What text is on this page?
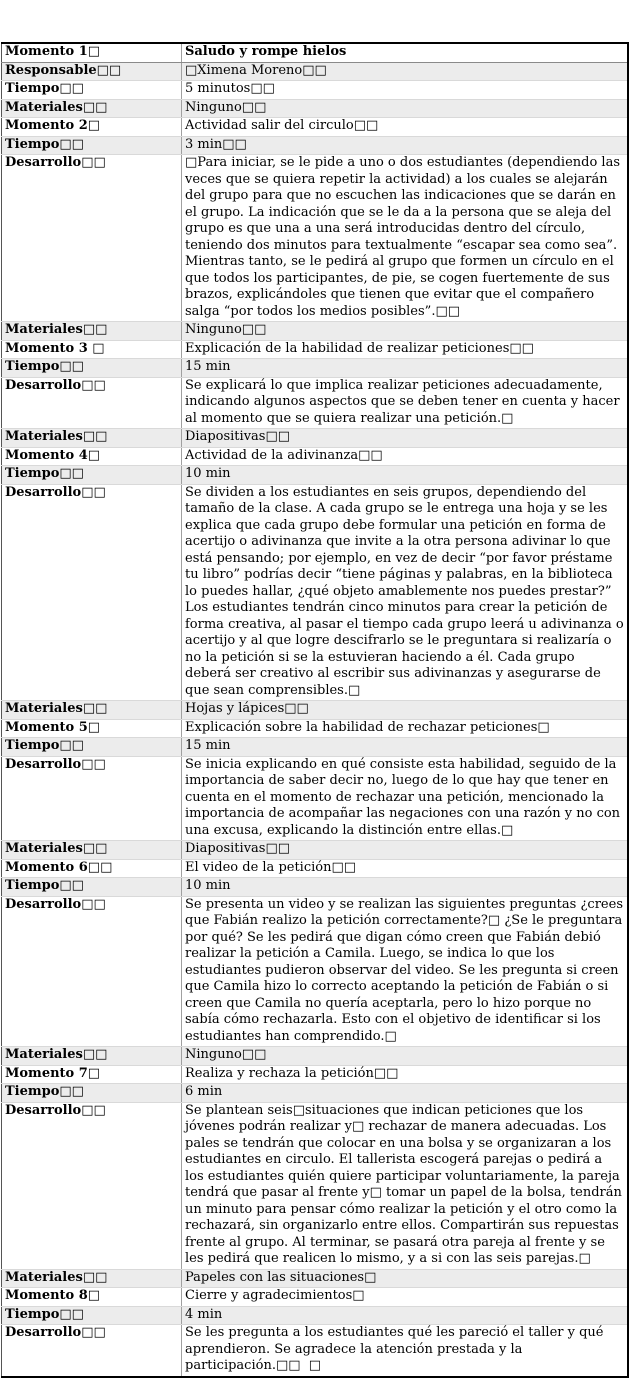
Momento 1□	Saludo y rompe hielos
Responsable□□	□Ximena Moreno□□
Tiempo□□	5 minutos□□
Materiales□□	Ninguno□□
Momento 2□	Actividad salir del circulo□□
Tiempo□□	3 min□□
Desarrollo□□	□Para iniciar, se le pide a uno o dos estudiantes (dependiendo las veces que se quiera repetir la actividad) a los cuales se alejarán del grupo para que no escuchen las indicaciones que se darán en el grupo. La indicación que se le da a la persona que se aleja del grupo es que una a una será introducidas dentro del círculo, teniendo dos minutos para textualmente “escapar sea como sea”. Mientras tanto, se le pedirá al grupo que formen un círculo en el que todos los participantes, de pie, se cogen fuertemente de sus brazos, explicándoles que tienen que evitar que el compañero salga “por todos los medios posibles”.□□
Materiales□□	Ninguno□□
Momento 3 □	Explicación de la habilidad de realizar peticiones□□
Tiempo□□	15 min
Desarrollo□□	Se explicará lo que implica realizar peticiones adecuadamente, indicando algunos aspectos que se deben tener en cuenta y hacer al momento que se quiera realizar una petición.□
Materiales□□	Diapositivas□□
Momento 4□	Actividad de la adivinanza□□
Tiempo□□	10 min
Desarrollo□□	Se dividen a los estudiantes en seis grupos, dependiendo del tamaño de la clase. A cada grupo se le entrega una hoja y se les explica que cada grupo debe formular una petición en forma de acertijo o adivinanza que invite a la otra persona adivinar lo que está pensando; por ejemplo, en vez de decir “por favor préstame tu libro” podrías decir “tiene páginas y palabras, en la biblioteca lo puedes hallar, ¿qué objeto amablemente nos puedes prestar?” Los estudiantes tendrán cinco minutos para crear la petición de forma creativa, al pasar el tiempo cada grupo leerá u adivinanza o acertijo y al que logre descifrarlo se le preguntara si realizaría o no la petición si se la estuvieran haciendo a él. Cada grupo deberá ser creativo al escribir sus adivinanzas y asegurarse de que sean comprensibles.□
Materiales□□	Hojas y lápices□□
Momento 5□	Explicación sobre la habilidad de rechazar peticiones□
Tiempo□□	15 min
Desarrollo□□	Se inicia explicando en qué consiste esta habilidad, seguido de la importancia de saber decir no, luego de lo que hay que tener en cuenta en el momento de rechazar una petición, mencionado la importancia de acompañar las negaciones con una razón y no con una excusa, explicando la distinción entre ellas.□
Materiales□□	Diapositivas□□
Momento 6□□	El video de la petición□□
Tiempo□□	10 min
Desarrollo□□	Se presenta un video y se realizan las siguientes preguntas ¿crees que Fabián realizo la petición correctamente?□ ¿Se le preguntara por qué? Se les pedirá que digan cómo creen que Fabián debió realizar la petición a Camila. Luego, se indica lo que los estudiantes pudieron observar del video. Se les pregunta si creen que Camila hizo lo correcto aceptando la petición de Fabián o si creen que Camila no quería aceptarla, pero lo hizo porque no sabía cómo rechazarla. Esto con el objetivo de identificar si los estudiantes han comprendido.□
Materiales□□	Ninguno□□
Momento 7□	Realiza y rechaza la petición□□
Tiempo□□	6 min
Desarrollo□□	Se plantean seis□situaciones que indican peticiones que los jóvenes podrán realizar y□ rechazar de manera adecuadas. Los pales se tendrán que colocar en una bolsa y se organizaran a los estudiantes en circulo. El tallerista escogerá parejas o pedirá a los estudiantes quién quiere participar voluntariamente, la pareja tendrá que pasar al frente y□ tomar un papel de la bolsa, tendrán un minuto para pensar cómo realizar la petición y el otro como la rechazará, sin organizarlo entre ellos. Compartirán sus repuestas frente al grupo. Al terminar, se pasará otra pareja al frente y se les pedirá que realicen lo mismo, y a si con las seis parejas.□
Materiales□□	Papeles con las situaciones□
Momento 8□	Cierre y agradecimientos□
Tiempo□□	4 min
Desarrollo□□	Se les pregunta a los estudiantes qué les pareció el taller y qué aprendieron. Se agradece la atención prestada y la participación.□□  □
